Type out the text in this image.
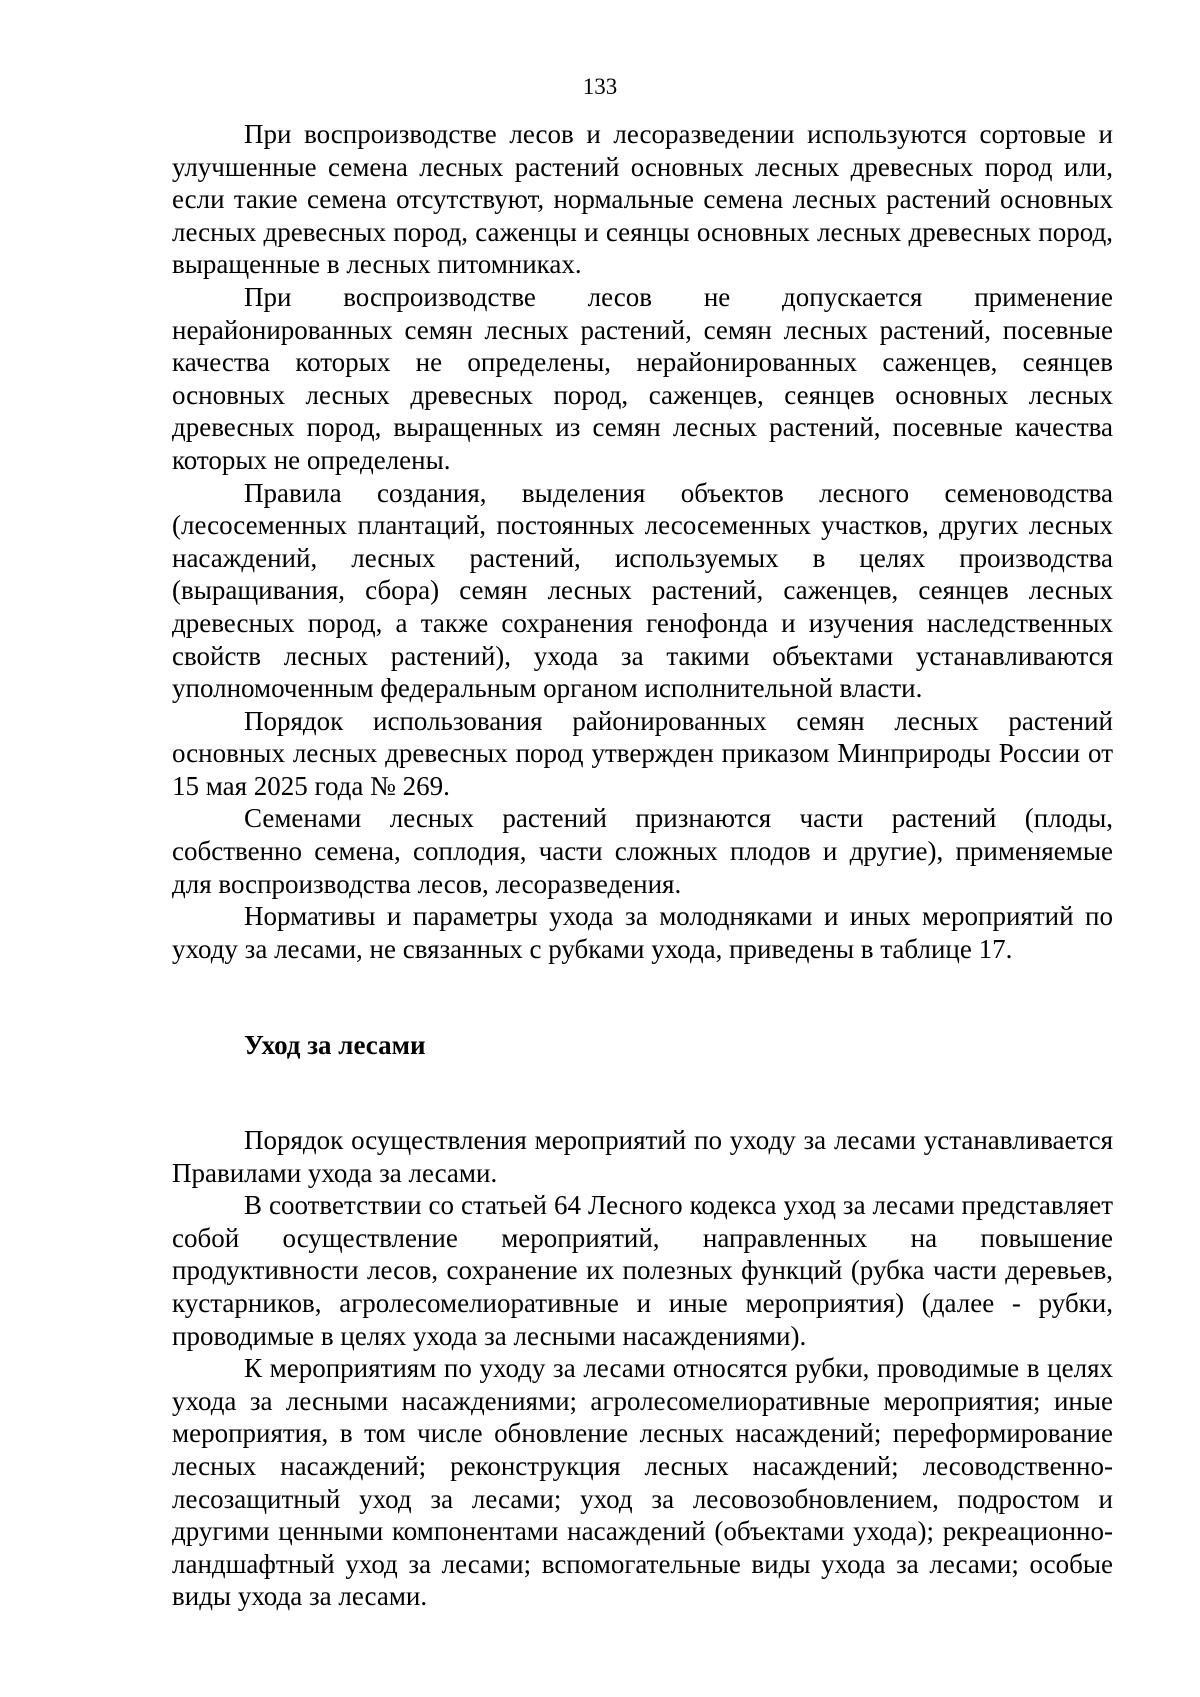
133

При воспроизводстве лесов и лесоразведении используются сортовые и улучшенные семена лесных растений основных лесных древесных пород или, если такие семена отсутствуют, нормальные семена лесных растений основных лесных древесных пород, саженцы и сеянцы основных лесных древесных пород, выращенные в лесных питомниках.

При воспроизводстве лесов не допускается применение нерайонированных семян лесных растений, семян лесных растений, посевные качества которых не определены, нерайонированных саженцев, сеянцев основных лесных древесных пород, саженцев, сеянцев основных лесных древесных пород, выращенных из семян лесных растений, посевные качества которых не определены.

Правила создания, выделения объектов лесного семеноводства (лесосеменных плантаций, постоянных лесосеменных участков, других лесных насаждений, лесных растений, используемых в целях производства (выращивания, сбора) семян лесных растений, саженцев, сеянцев лесных древесных пород, а также сохранения генофонда и изучения наследственных свойств лесных растений), ухода за такими объектами устанавливаются уполномоченным федеральным органом исполнительной власти.

Порядок использования районированных семян лесных растений основных лесных древесных пород утвержден приказом Минприроды России от 15 мая 2025 года № 269.

Семенами лесных растений признаются части растений (плоды, собственно семена, соплодия, части сложных плодов и другие), применяемые для воспроизводства лесов, лесоразведения.

Нормативы и параметры ухода за молодняками и иных мероприятий по уходу за лесами, не связанных с рубками ухода, приведены в таблице 17.

Уход за лесами

Порядок осуществления мероприятий по уходу за лесами устанавливается Правилами ухода за лесами.

В соответствии со статьей 64 Лесного кодекса уход за лесами представляет собой осуществление мероприятий, направленных на повышение продуктивности лесов, сохранение их полезных функций (рубка части деревьев, кустарников, агролесомелиоративные и иные мероприятия) (далее - рубки, проводимые в целях ухода за лесными насаждениями).

К мероприятиям по уходу за лесами относятся рубки, проводимые в целях ухода за лесными насаждениями; агролесомелиоративные мероприятия; иные мероприятия, в том числе обновление лесных насаждений; переформирование лесных насаждений; реконструкция лесных насаждений; лесоводственно-лесозащитный уход за лесами; уход за лесовозобновлением, подростом и другими ценными компонентами насаждений (объектами ухода); рекреационно-ландшафтный уход за лесами; вспомогательные виды ухода за лесами; особые виды ухода за лесами.
